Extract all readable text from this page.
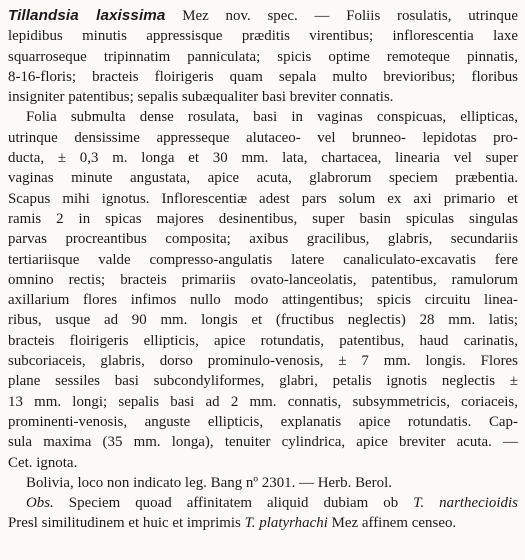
Tillandsia laxissima Mez nov. spec. — Foliis rosulatis, utrinque
lepidibus minutis appressisque præditis virentibus; inflorescentia laxe
squarroseque tripinnatim panniculata; spicis optime remoteque pinnatis,
8-16-floris; bracteis floirigeris quam sepala multo brevioribus; floribus
insigniter patentibus; sepalis subæqualiter basi breviter connatis.
Folia submulta dense rosulata, basi in vaginas conspicuas, ellipticas,
utrinque densissime appresseque alutaceo- vel brunneo- lepidotas pro-
ducta, ± 0,3 m. longa et 30 mm. lata, chartacea, linearia vel super
vaginas minute angustata, apice acuta, glabrorum speciem præbentia.
Scapus mihi ignotus. Inflorescentiæ adest pars solum ex axi primario et
ramis 2 in spicas majores desinentibus, super basin spiculas singulas
parvas procreantibus composita; axibus gracilibus, glabris, secundariis
tertiariisque valde compresso-angulatis latere canaliculato-excavatis fere
omnino rectis; bracteis primariis ovato-lanceolatis, patentibus, ramulorum
axillarium flores infimos nullo modo attingentibus; spicis circuitu linea-
ribus, usque ad 90 mm. longis et (fructibus neglectis) 28 mm. latis;
bracteis floirigeris ellipticis, apice rotundatis, patentibus, haud carinatis,
subcoriaceis, glabris, dorso prominulo-venosis, ± 7 mm. longis. Flores
plane sessiles basi subcondyliformes, glabri, petalis ignotis neglectis ±
13 mm. longi; sepalis basi ad 2 mm. connatis, subsymmetricis, coriaceis,
prominenti-venosis, anguste ellipticis, explanatis apice rotundatis. Cap-
sula maxima (35 mm. longa), tenuiter cylindrica, apice breviter acuta. —
Cet. ignota.
Bolivia, loco non indicato leg. Bang nº 2301. — Herb. Berol.
Obs. Speciem quoad affinitatem aliquid dubiam ob T. narthecioidis
Presl similitudinem et huic et imprimis T. platyrhachi Mez affinem censeo.
